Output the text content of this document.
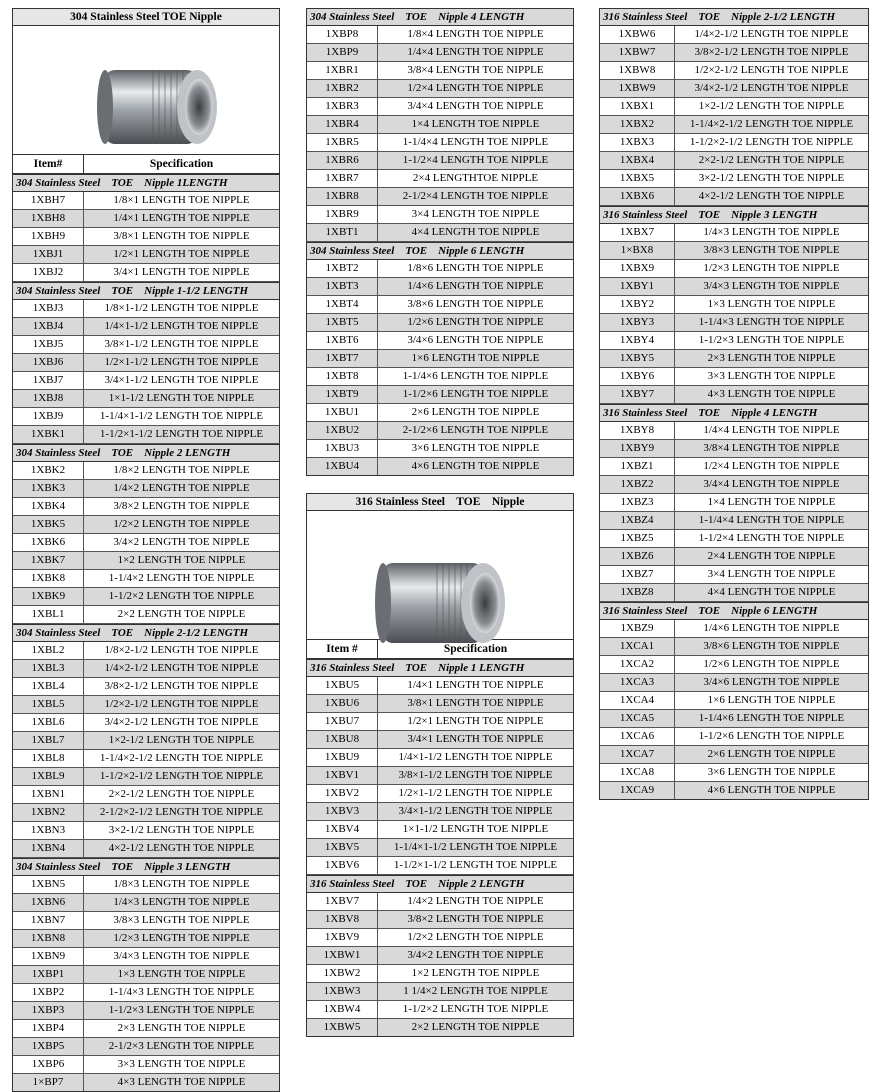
304 Stainless Steel TOE Nipple
Item#	Specification
304 Stainless Steel    TOE    Nipple 1LENGTH
1XBH7	1/8×1 LENGTH TOE NIPPLE
1XBH8	1/4×1 LENGTH TOE NIPPLE
1XBH9	3/8×1 LENGTH TOE NIPPLE
1XBJ1	1/2×1 LENGTH TOE NIPPLE
1XBJ2	3/4×1 LENGTH TOE NIPPLE
304 Stainless Steel    TOE    Nipple 1-1/2 LENGTH
1XBJ3	1/8×1-1/2 LENGTH TOE NIPPLE
1XBJ4	1/4×1-1/2 LENGTH TOE NIPPLE
1XBJ5	3/8×1-1/2 LENGTH TOE NIPPLE
1XBJ6	1/2×1-1/2 LENGTH TOE NIPPLE
1XBJ7	3/4×1-1/2 LENGTH TOE NIPPLE
1XBJ8	1×1-1/2 LENGTH TOE NIPPLE
1XBJ9	1-1/4×1-1/2 LENGTH TOE NIPPLE
1XBK1	1-1/2×1-1/2 LENGTH TOE NIPPLE
304 Stainless Steel    TOE    Nipple 2 LENGTH
1XBK2	1/8×2 LENGTH TOE NIPPLE
1XBK3	1/4×2 LENGTH TOE NIPPLE
1XBK4	3/8×2 LENGTH TOE NIPPLE
1XBK5	1/2×2 LENGTH TOE NIPPLE
1XBK6	3/4×2 LENGTH TOE NIPPLE
1XBK7	1×2 LENGTH TOE NIPPLE
1XBK8	1-1/4×2 LENGTH TOE NIPPLE
1XBK9	1-1/2×2 LENGTH TOE NIPPLE
1XBL1	2×2 LENGTH TOE NIPPLE
304 Stainless Steel    TOE    Nipple 2-1/2 LENGTH
1XBL2	1/8×2-1/2 LENGTH TOE NIPPLE
1XBL3	1/4×2-1/2 LENGTH TOE NIPPLE
1XBL4	3/8×2-1/2 LENGTH TOE NIPPLE
1XBL5	1/2×2-1/2 LENGTH TOE NIPPLE
1XBL6	3/4×2-1/2 LENGTH TOE NIPPLE
1XBL7	1×2-1/2 LENGTH TOE NIPPLE
1XBL8	1-1/4×2-1/2 LENGTH TOE NIPPLE
1XBL9	1-1/2×2-1/2 LENGTH TOE NIPPLE
1XBN1	2×2-1/2 LENGTH TOE NIPPLE
1XBN2	2-1/2×2-1/2 LENGTH TOE NIPPLE
1XBN3	3×2-1/2 LENGTH TOE NIPPLE
1XBN4	4×2-1/2 LENGTH TOE NIPPLE
304 Stainless Steel    TOE    Nipple 3 LENGTH
1XBN5	1/8×3 LENGTH TOE NIPPLE
1XBN6	1/4×3 LENGTH TOE NIPPLE
1XBN7	3/8×3 LENGTH TOE NIPPLE
1XBN8	1/2×3 LENGTH TOE NIPPLE
1XBN9	3/4×3 LENGTH TOE NIPPLE
1XBP1	1×3 LENGTH TOE NIPPLE
1XBP2	1-1/4×3 LENGTH TOE NIPPLE
1XBP3	1-1/2×3 LENGTH TOE NIPPLE
1XBP4	2×3 LENGTH TOE NIPPLE
1XBP5	2-1/2×3 LENGTH TOE NIPPLE
1XBP6	3×3 LENGTH TOE NIPPLE
1×BP7	4×3 LENGTH TOE NIPPLE
304 Stainless Steel    TOE    Nipple 4 LENGTH
1XBP8	1/8×4 LENGTH TOE NIPPLE
1XBP9	1/4×4 LENGTH TOE NIPPLE
1XBR1	3/8×4 LENGTH TOE NIPPLE
1XBR2	1/2×4 LENGTH TOE NIPPLE
1XBR3	3/4×4 LENGTH TOE NIPPLE
1XBR4	1×4 LENGTH TOE NIPPLE
1XBR5	1-1/4×4 LENGTH TOE NIPPLE
1XBR6	1-1/2×4 LENGTH TOE NIPPLE
1XBR7	2×4 LENGTHTOE NIPPLE
1XBR8	2-1/2×4 LENGTH TOE NIPPLE
1XBR9	3×4 LENGTH TOE NIPPLE
1XBT1	4×4 LENGTH TOE NIPPLE
304 Stainless Steel    TOE    Nipple 6 LENGTH
1XBT2	1/8×6 LENGTH TOE NIPPLE
1XBT3	1/4×6 LENGTH TOE NIPPLE
1XBT4	3/8×6 LENGTH TOE NIPPLE
1XBT5	1/2×6 LENGTH TOE NIPPLE
1XBT6	3/4×6 LENGTH TOE NIPPLE
1XBT7	1×6 LENGTH TOE NIPPLE
1XBT8	1-1/4×6 LENGTH TOE NIPPLE
1XBT9	1-1/2×6 LENGTH TOE NIPPLE
1XBU1	2×6 LENGTH TOE NIPPLE
1XBU2	2-1/2×6 LENGTH TOE NIPPLE
1XBU3	3×6 LENGTH TOE NIPPLE
1XBU4	4×6 LENGTH TOE NIPPLE
316 Stainless Steel    TOE    Nipple
Item #	Specification
316 Stainless Steel    TOE    Nipple 1 LENGTH
1XBU5	1/4×1 LENGTH TOE NIPPLE
1XBU6	3/8×1 LENGTH TOE NIPPLE
1XBU7	1/2×1 LENGTH TOE NIPPLE
1XBU8	3/4×1 LENGTH TOE NIPPLE
1XBU9	1/4×1-1/2 LENGTH TOE NIPPLE
1XBV1	3/8×1-1/2 LENGTH TOE NIPPLE
1XBV2	1/2×1-1/2 LENGTH TOE NIPPLE
1XBV3	3/4×1-1/2 LENGTH TOE NIPPLE
1XBV4	1×1-1/2 LENGTH TOE NIPPLE
1XBV5	1-1/4×1-1/2 LENGTH TOE NIPPLE
1XBV6	1-1/2×1-1/2 LENGTH TOE NIPPLE
316 Stainless Steel    TOE    Nipple 2 LENGTH
1XBV7	1/4×2 LENGTH TOE NIPPLE
1XBV8	3/8×2 LENGTH TOE NIPPLE
1XBV9	1/2×2 LENGTH TOE NIPPLE
1XBW1	3/4×2 LENGTH TOE NIPPLE
1XBW2	1×2 LENGTH TOE NIPPLE
1XBW3	1 1/4×2 LENGTH TOE NIPPLE
1XBW4	1-1/2×2 LENGTH TOE NIPPLE
1XBW5	2×2 LENGTH TOE NIPPLE
316 Stainless Steel    TOE    Nipple 2-1/2 LENGTH
1XBW6	1/4×2-1/2 LENGTH TOE NIPPLE
1XBW7	3/8×2-1/2 LENGTH TOE NIPPLE
1XBW8	1/2×2-1/2 LENGTH TOE NIPPLE
1XBW9	3/4×2-1/2 LENGTH TOE NIPPLE
1XBX1	1×2-1/2 LENGTH TOE NIPPLE
1XBX2	1-1/4×2-1/2 LENGTH TOE NIPPLE
1XBX3	1-1/2×2-1/2 LENGTH TOE NIPPLE
1XBX4	2×2-1/2 LENGTH TOE NIPPLE
1XBX5	3×2-1/2 LENGTH TOE NIPPLE
1XBX6	4×2-1/2 LENGTH TOE NIPPLE
316 Stainless Steel    TOE    Nipple 3 LENGTH
1XBX7	1/4×3 LENGTH TOE NIPPLE
1×BX8	3/8×3 LENGTH TOE NIPPLE
1XBX9	1/2×3 LENGTH TOE NIPPLE
1XBY1	3/4×3 LENGTH TOE NIPPLE
1XBY2	1×3 LENGTH TOE NIPPLE
1XBY3	1-1/4×3 LENGTH TOE NIPPLE
1XBY4	1-1/2×3 LENGTH TOE NIPPLE
1XBY5	2×3 LENGTH TOE NIPPLE
1XBY6	3×3 LENGTH TOE NIPPLE
1XBY7	4×3 LENGTH TOE NIPPLE
316 Stainless Steel    TOE    Nipple 4 LENGTH
1XBY8	1/4×4 LENGTH TOE NIPPLE
1XBY9	3/8×4 LENGTH TOE NIPPLE
1XBZ1	1/2×4 LENGTH TOE NIPPLE
1XBZ2	3/4×4 LENGTH TOE NIPPLE
1XBZ3	1×4 LENGTH TOE NIPPLE
1XBZ4	1-1/4×4 LENGTH TOE NIPPLE
1XBZ5	1-1/2×4 LENGTH TOE NIPPLE
1XBZ6	2×4 LENGTH TOE NIPPLE
1XBZ7	3×4 LENGTH TOE NIPPLE
1XBZ8	4×4 LENGTH TOE NIPPLE
316 Stainless Steel    TOE    Nipple 6 LENGTH
1XBZ9	1/4×6 LENGTH TOE NIPPLE
1XCA1	3/8×6 LENGTH TOE NIPPLE
1XCA2	1/2×6 LENGTH TOE NIPPLE
1XCA3	3/4×6 LENGTH TOE NIPPLE
1XCA4	1×6 LENGTH TOE NIPPLE
1XCA5	1-1/4×6 LENGTH TOE NIPPLE
1XCA6	1-1/2×6 LENGTH TOE NIPPLE
1XCA7	2×6 LENGTH TOE NIPPLE
1XCA8	3×6 LENGTH TOE NIPPLE
1XCA9	4×6 LENGTH TOE NIPPLE
